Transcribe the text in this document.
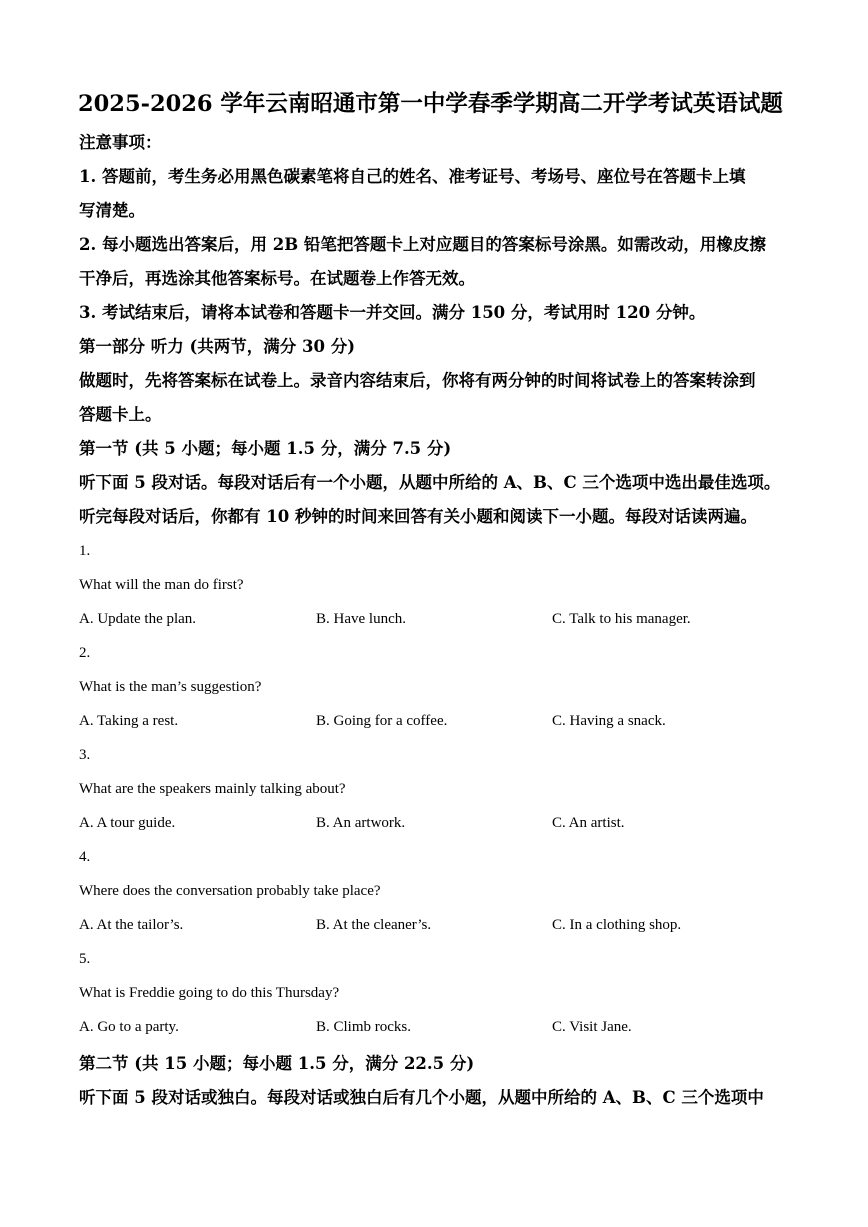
2025-2026 学年云南昭通市第一中学春季学期高二开学考试英语试题
注意事项：
1. 答题前，考生务必用黑色碳素笔将自己的姓名、准考证号、考场号、座位号在答题卡上填
写清楚。
2. 每小题选出答案后，用 2B 铅笔把答题卡上对应题目的答案标号涂黑。如需改动，用橡皮擦
干净后，再选涂其他答案标号。在试题卷上作答无效。
3. 考试结束后，请将本试卷和答题卡一并交回。满分 150 分，考试用时 120 分钟。
第一部分 听力 (共两节，满分 30 分)
做题时，先将答案标在试卷上。录音内容结束后，你将有两分钟的时间将试卷上的答案转涂到
答题卡上。
第一节 (共 5 小题；每小题 1.5 分，满分 7.5 分)
听下面 5 段对话。每段对话后有一个小题，从题中所给的 A、B、C 三个选项中选出最佳选项。
听完每段对话后，你都有 10 秒钟的时间来回答有关小题和阅读下一小题。每段对话读两遍。
1.
What will the man do first?
A. Update the plan.	B. Have lunch.	C. Talk to his manager.
2.
What is the man’s suggestion?
A. Taking a rest.	B. Going for a coffee.	C. Having a snack.
3.
What are the speakers mainly talking about?
A. A tour guide.	B. An artwork.	C. An artist.
4.
Where does the conversation probably take place?
A. At the tailor’s.	B. At the cleaner’s.	C. In a clothing shop.
5.
What is Freddie going to do this Thursday?
A. Go to a party.	B. Climb rocks.	C. Visit Jane.
第二节 (共 15 小题；每小题 1.5 分，满分 22.5 分)
听下面 5 段对话或独白。每段对话或独白后有几个小题，从题中所给的 A、B、C 三个选项中
